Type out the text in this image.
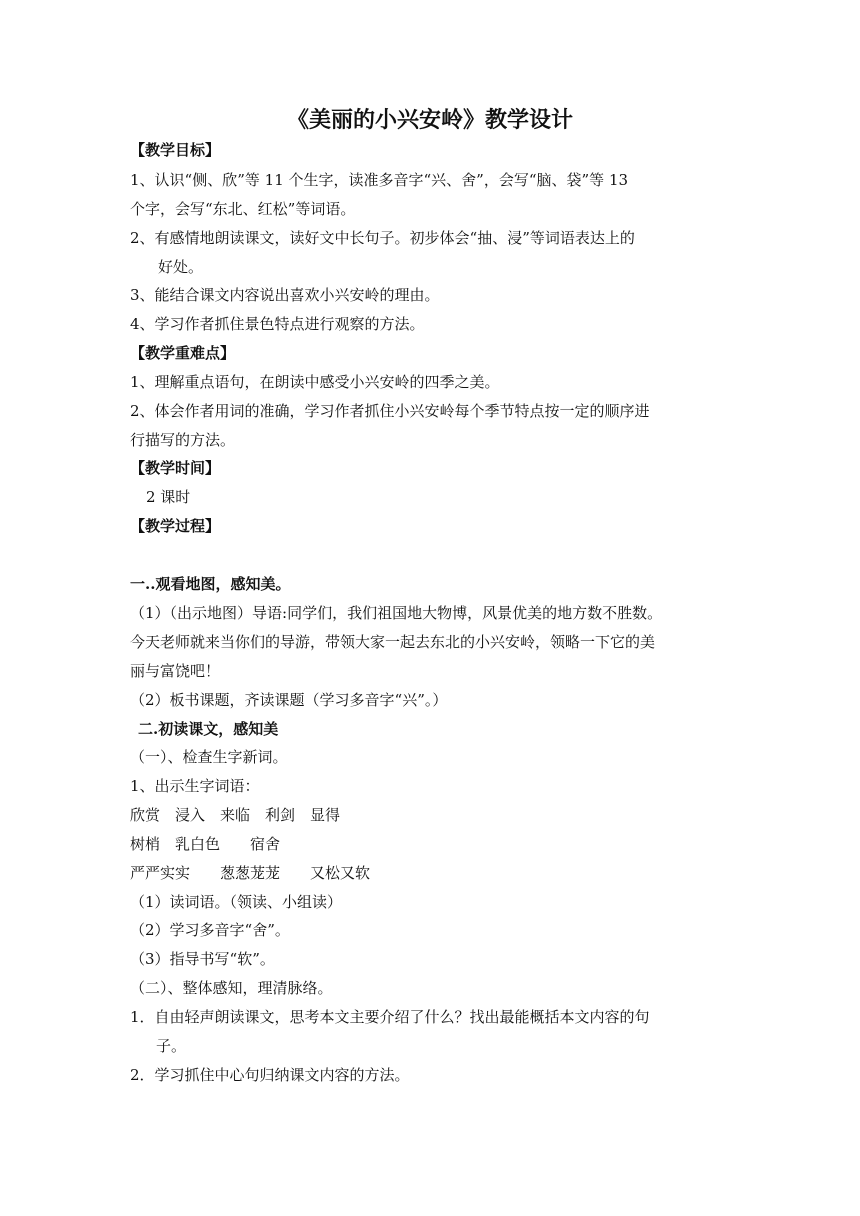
《美丽的小兴安岭》教学设计
【教学目标】
1、认识“侧、欣”等 11 个生字，读准多音字“兴、舍”，会写“脑、袋”等 13
个字，会写“东北、红松”等词语。
2、有感情地朗读课文，读好文中长句子。初步体会“抽、浸”等词语表达上的
好处。
3、能结合课文内容说出喜欢小兴安岭的理由。
4、学习作者抓住景色特点进行观察的方法。
【教学重难点】
1、理解重点语句，在朗读中感受小兴安岭的四季之美。
2、体会作者用词的准确，学习作者抓住小兴安岭每个季节特点按一定的顺序进
行描写的方法。
【教学时间】
2 课时
【教学过程】
一..观看地图，感知美。
（1）（出示地图）导语:同学们，我们祖国地大物博，风景优美的地方数不胜数。
今天老师就来当你们的导游，带领大家一起去东北的小兴安岭，领略一下它的美
丽与富饶吧！
（2）板书课题，齐读课题（学习多音字“兴”。）
二.初读课文，感知美
（一）、检查生字新词。
1、出示生字词语：
欣赏　浸入　来临　利剑　显得
树梢　乳白色　　宿舍
严严实实　　葱葱茏茏　　又松又软
（1）读词语。（领读、小组读）
（2）学习多音字“舍”。
（3）指导书写“软”。
（二）、整体感知，理清脉络。
1．自由轻声朗读课文，思考本文主要介绍了什么？找出最能概括本文内容的句
子。
2．学习抓住中心句归纳课文内容的方法。
